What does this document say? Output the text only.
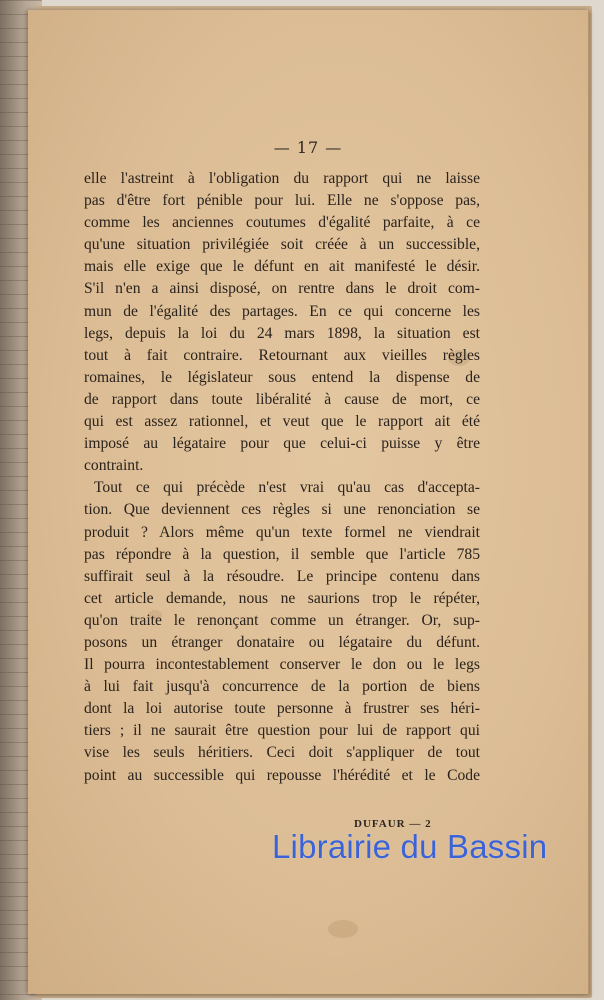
— 17 —
elle l'astreint à l'obligation du rapport qui ne laisse
pas d'être fort pénible pour lui. Elle ne s'oppose pas,
comme les anciennes coutumes d'égalité parfaite, à ce
qu'une situation privilégiée soit créée à un successible,
mais elle exige que le défunt en ait manifesté le désir.
S'il n'en a ainsi disposé, on rentre dans le droit com-
mun de l'égalité des partages. En ce qui concerne les
legs, depuis la loi du 24 mars 1898, la situation est
tout à fait contraire. Retournant aux vieilles règles
romaines, le législateur sous entend la dispense de
de rapport dans toute libéralité à cause de mort, ce
qui est assez rationnel, et veut que le rapport ait été
imposé au légataire pour que celui-ci puisse y être
contraint.
Tout ce qui précède n'est vrai qu'au cas d'accepta-
tion. Que deviennent ces règles si une renonciation se
produit ? Alors même qu'un texte formel ne viendrait
pas répondre à la question, il semble que l'article 785
suffirait seul à la résoudre. Le principe contenu dans
cet article demande, nous ne saurions trop le répéter,
qu'on traite le renonçant comme un étranger. Or, sup-
posons un étranger donataire ou légataire du défunt.
Il pourra incontestablement conserver le don ou le legs
à lui fait jusqu'à concurrence de la portion de biens
dont la loi autorise toute personne à frustrer ses héri-
tiers ; il ne saurait être question pour lui de rapport qui
vise les seuls héritiers. Ceci doit s'appliquer de tout
point au successible qui repousse l'hérédité et le Code
DUFAUR — 2
Librairie du Bassin
